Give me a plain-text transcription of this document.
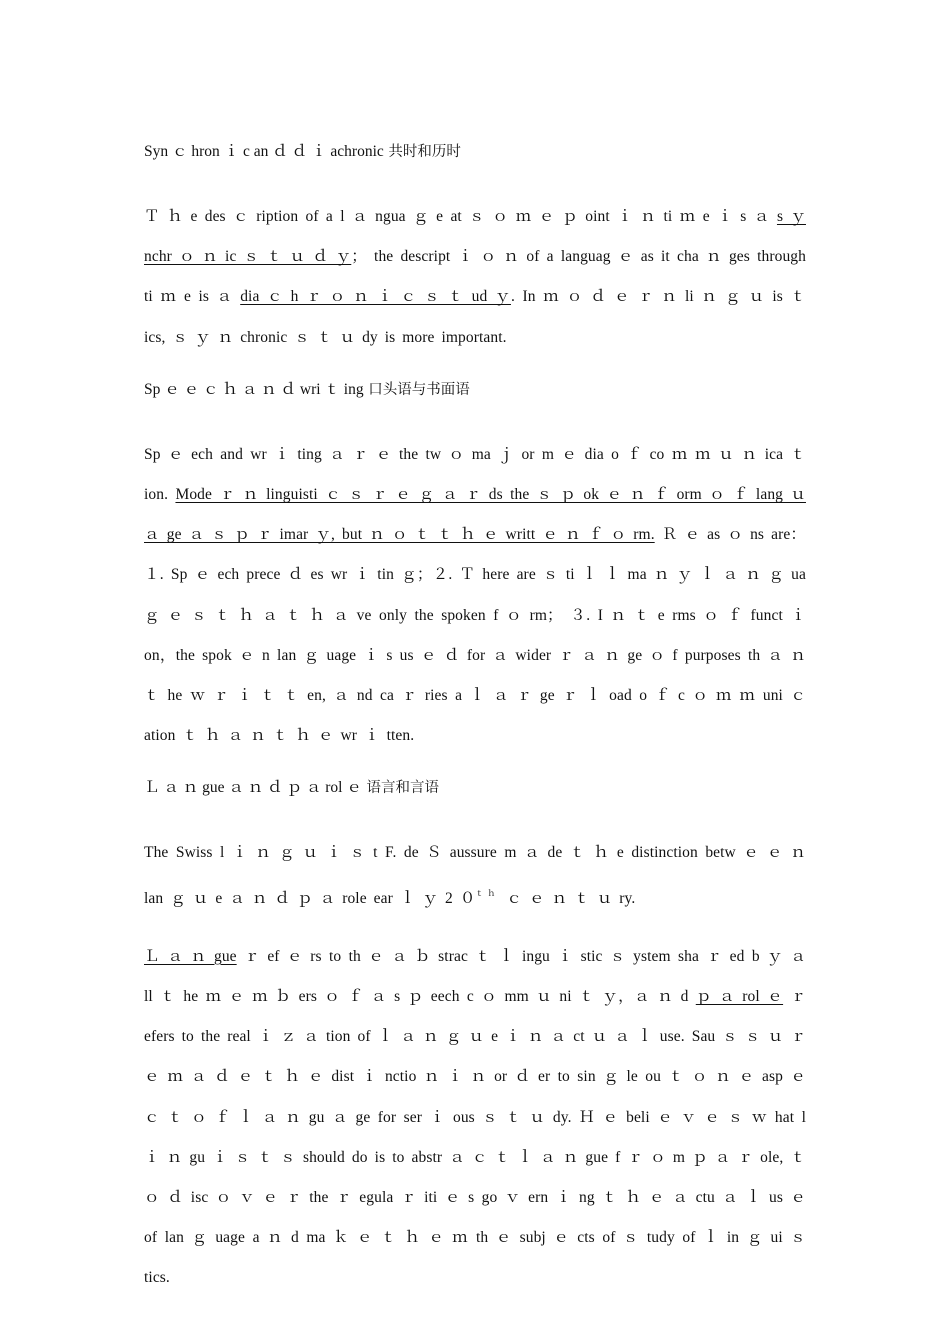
Syn ｃ hron ｉ c an ｄ ｄ ｉ achronic 共时和历时

Ｔ ｈ e des ｃ ription of a l ａ ngua ｇ e at ｓ ｏ ｍ ｅ ｐ oint ｉ ｎ ti ｍ e ｉ s ａ s ｙ nchr ｏ ｎ ic ｓ ｔ ｕ ｄ ｙ； the descript ｉ ｏ ｎ of a languag ｅ as it cha ｎ ges through ti ｍ e is ａ dia ｃ h ｒ ｏ ｎ ｉ ｃ ｓ ｔ ud ｙ. In ｍ ｏ ｄ ｅ ｒ ｎ li ｎ ｇ ｕ is ｔ ics, ｓ ｙ ｎ chronic ｓ ｔ ｕ dy is more important.

Sp ｅ ｅ ｃ ｈ ａ ｎ ｄ wri ｔ ing 口头语与书面语

Sp ｅ ech and wr ｉ ting ａ ｒ ｅ the tw ｏ ma ｊ or m ｅ dia o ｆ co ｍ ｍ ｕ ｎ ica ｔ ion. Mode ｒ ｎ linguisti ｃ ｓ ｒ ｅ ｇ ａ ｒ ds the ｓ ｐ ok ｅ ｎ ｆ orm ｏ ｆ lang ｕ ａ ge ａ ｓ ｐ ｒ imar ｙ, but ｎ ｏ ｔ ｔ ｈ ｅ writt ｅ ｎ ｆ ｏ rm. Ｒ ｅ as ｏ ns are：１. Sp ｅ ech prece ｄ es wr ｉ tin ｇ；２. Ｔ here are ｓ ti ｌ ｌ ma ｎ ｙ ｌ ａ ｎ ｇ ua ｇ ｅ ｓ ｔ ｈ ａ ｔ ｈ ａ ve only the spoken f ｏ rm； ３. I ｎ ｔ e rms ｏ ｆ funct ｉ on，the spok ｅ n lan ｇ uage ｉ s us ｅ ｄ for ａ wider ｒ ａ ｎ ge ｏ f purposes th ａ ｎ ｔ he ｗ ｒ ｉ ｔ ｔ en, ａ nd ca ｒ ries a ｌ ａ ｒ ge ｒ ｌ oad o ｆ c ｏ ｍ ｍ uni ｃ ation ｔ ｈ ａ ｎ ｔ ｈ ｅ wr ｉ tten.

Ｌ ａ ｎ gue ａ ｎ ｄ ｐ ａ rol ｅ 语言和言语

The Swiss l ｉ ｎ ｇ ｕ ｉ ｓ t F. de Ｓ aussure m ａ de ｔ ｈ e distinction betw ｅ ｅ ｎ lan ｇ ｕ e ａ ｎ ｄ ｐ ａ role ear ｌ ｙ 2 $0^{th}$ ｃ ｅ ｎ ｔ ｕ ry.

Ｌ ａ ｎ gue ｒ ef ｅ rs to th ｅ ａ ｂ strac ｔ ｌ ingu ｉ stic ｓ ystem sha ｒ ed b ｙ ａ ll ｔ he ｍ ｅ ｍ ｂ ers ｏ ｆ ａ s ｐ eech c ｏ mm ｕ ni ｔ ｙ，ａ ｎ d ｐ ａ rol ｅ ｒ efers to the real ｉ ｚ ａ tion of ｌ ａ ｎ ｇ ｕ e ｉ ｎ ａ ct ｕ ａ ｌ use. Sau ｓ ｓ ｕ ｒ ｅ ｍ ａ ｄ ｅ ｔ ｈ ｅ dist ｉ nctio ｎ ｉ ｎ or ｄ er to sin ｇ le ou ｔ ｏ ｎ ｅ asp ｅ ｃ ｔ ｏ ｆ ｌ ａ ｎ gu ａ ge for ser ｉ ous ｓ ｔ ｕ dy. Ｈ ｅ beli ｅ ｖ ｅ ｓ ｗ hat l ｉ ｎ gu ｉ ｓ ｔ ｓ should do is to abstr ａ ｃ ｔ ｌ ａ ｎ gue f ｒ ｏ m ｐ ａ ｒ ole, ｔ ｏ ｄ isc ｏ ｖ ｅ ｒ the ｒ egula ｒ iti ｅ s go ｖ ern ｉ ng ｔ ｈ ｅ ａ ctu ａ ｌ us ｅ of lan ｇ uage a ｎ d ma ｋ ｅ ｔ ｈ ｅ ｍ th ｅ subj ｅ cts of ｓ tudy of ｌ in ｇ ui ｓ tics.
